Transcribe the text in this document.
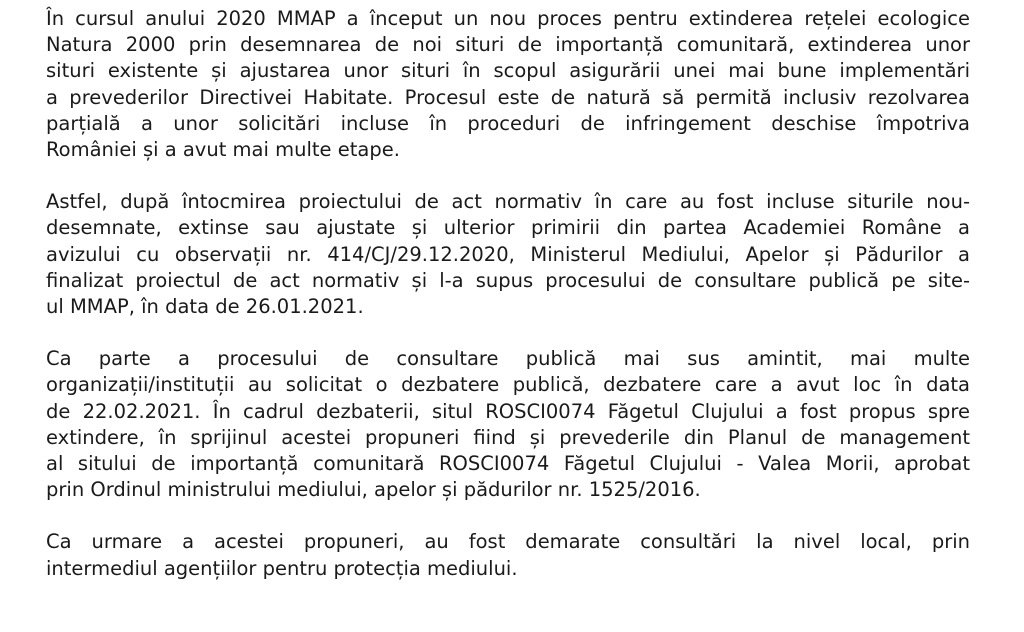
În cursul anului 2020 MMAP a început un nou proces pentru extinderea rețelei ecologice
Natura 2000 prin desemnarea de noi situri de importanță comunitară, extinderea unor
situri existente și ajustarea unor situri în scopul asigurării unei mai bune implementări
a prevederilor Directivei Habitate. Procesul este de natură să permită inclusiv rezolvarea
parțială a unor solicitări incluse în proceduri de infringement deschise împotriva
României și a avut mai multe etape.

Astfel, după întocmirea proiectului de act normativ în care au fost incluse siturile nou-
desemnate, extinse sau ajustate și ulterior primirii din partea Academiei Române a
avizului cu observații nr. 414/CJ/29.12.2020, Ministerul Mediului, Apelor și Pădurilor a
finalizat proiectul de act normativ și l-a supus procesului de consultare publică pe site-
ul MMAP, în data de 26.01.2021.

Ca parte a procesului de consultare publică mai sus amintit, mai multe
organizații/instituții au solicitat o dezbatere publică, dezbatere care a avut loc în data
de 22.02.2021. În cadrul dezbaterii, situl ROSCI0074 Făgetul Clujului a fost propus spre
extindere, în sprijinul acestei propuneri fiind și prevederile din Planul de management
al sitului de importanță comunitară ROSCI0074 Făgetul Clujului - Valea Morii, aprobat
prin Ordinul ministrului mediului, apelor și pădurilor nr. 1525/2016.

Ca urmare a acestei propuneri, au fost demarate consultări la nivel local, prin
intermediul agențiilor pentru protecția mediului.
